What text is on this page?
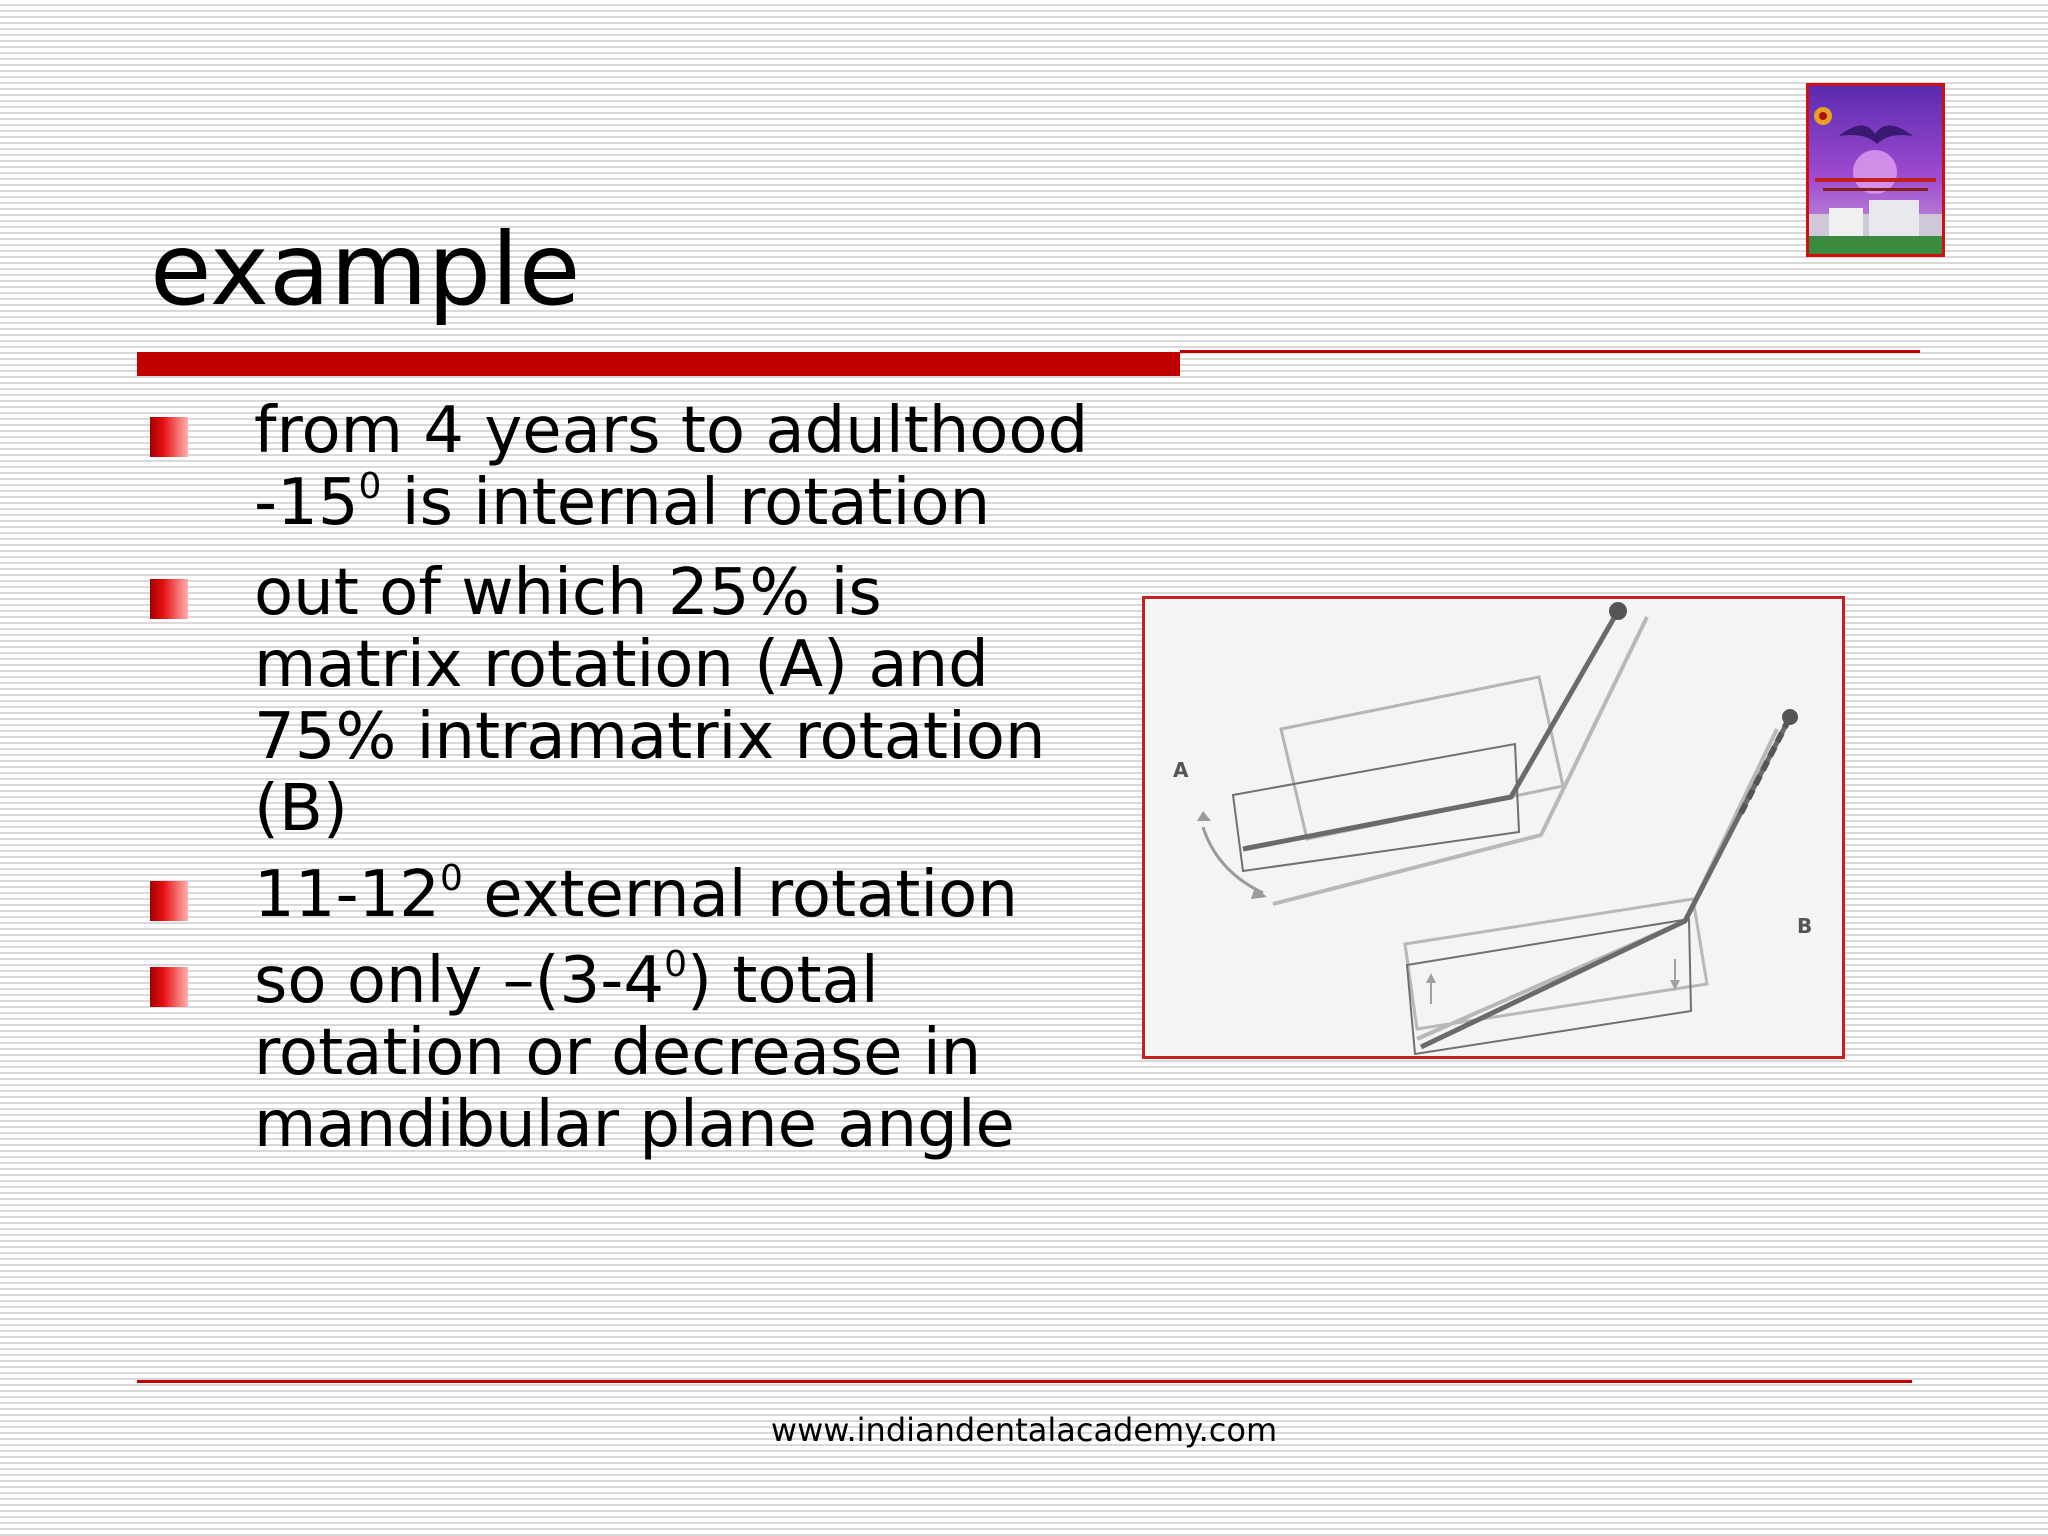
example
from 4 years to adulthood $-15^0$ is internal rotation
out of which 25% is matrix rotation (A) and 75% intramatrix rotation (B)
$11-12^0$ external rotation
so only $-(3-4^0)$ total rotation or decrease in mandibular plane angle
A
B
www.indiandentalacademy.com
